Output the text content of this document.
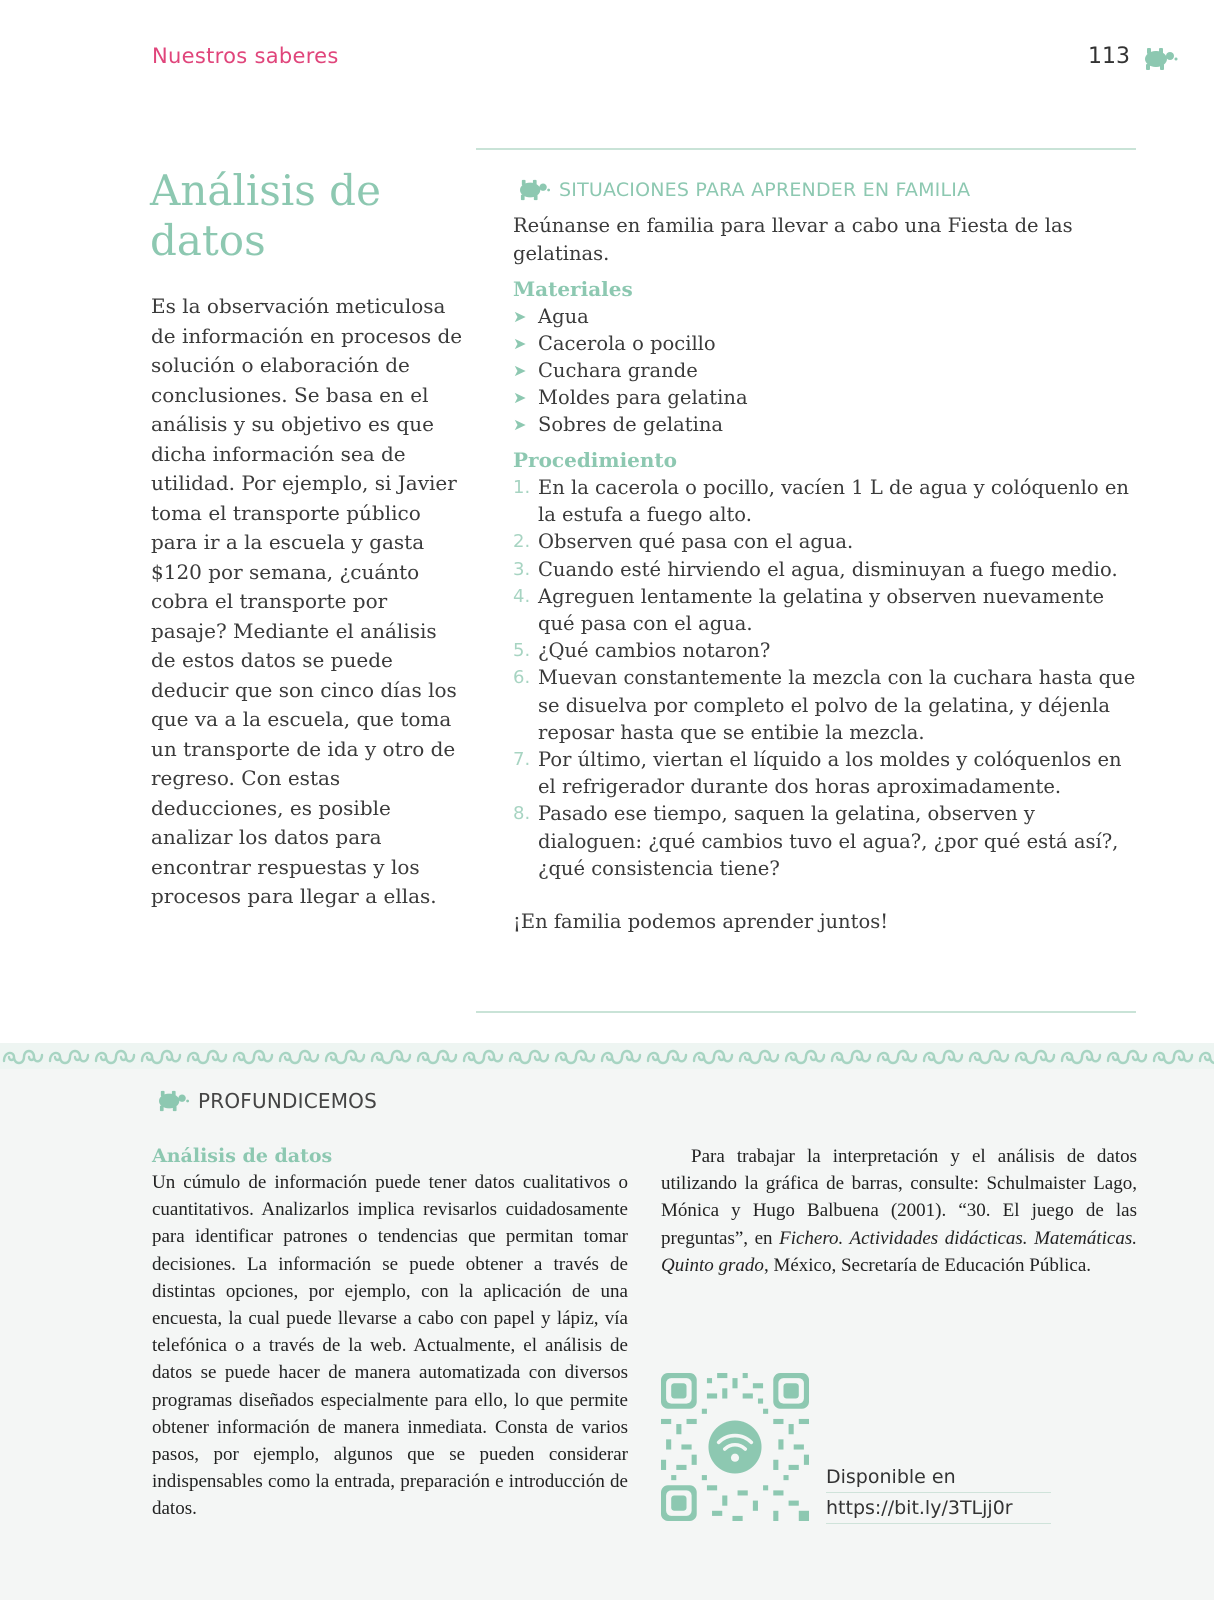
Nuestros saberes	113
Análisis de
datos

Es la observación meticulosa de información en procesos de solución o elaboración de conclusiones. Se basa en el análisis y su objetivo es que dicha información sea de utilidad. Por ejemplo, si Javier toma el transporte público para ir a la escuela y gasta $120 por semana, ¿cuánto cobra el transporte por pasaje? Mediante el análisis de estos datos se puede deducir que son cinco días los que va a la escuela, que toma un transporte de ida y otro de regreso. Con estas deducciones, es posible analizar los datos para encontrar respuestas y los procesos para llegar a ellas.

SITUACIONES PARA APRENDER EN FAMILIA

Reúnanse en familia para llevar a cabo una Fiesta de las gelatinas.

Materiales
➤ Agua
➤ Cacerola o pocillo
➤ Cuchara grande
➤ Moldes para gelatina
➤ Sobres de gelatina
Procedimiento
1. En la cacerola o pocillo, vacíen 1 L de agua y colóquenlo en la estufa a fuego alto.
2. Observen qué pasa con el agua.
3. Cuando esté hirviendo el agua, disminuyan a fuego medio.
4. Agreguen lentamente la gelatina y observen nuevamente qué pasa con el agua.
5. ¿Qué cambios notaron?
6. Muevan constantemente la mezcla con la cuchara hasta que se disuelva por completo el polvo de la gelatina, y déjenla reposar hasta que se entibie la mezcla.
7. Por último, viertan el líquido a los moldes y colóquenlos en el refrigerador durante dos horas aproximadamente.
8. Pasado ese tiempo, saquen la gelatina, observen y dialoguen: ¿qué cambios tuvo el agua?, ¿por qué está así?, ¿qué consistencia tiene?

¡En familia podemos aprender juntos!

PROFUNDICEMOS
Análisis de datos

Un cúmulo de información puede tener datos cualitativos o cuantitativos. Analizarlos implica revisarlos cuidadosamente para identificar patrones o tendencias que permitan tomar decisiones. La información se puede obtener a través de distintas opciones, por ejemplo, con la aplicación de una encuesta, la cual puede llevarse a cabo con papel y lápiz, vía telefónica o a través de la web. Actualmente, el análisis de datos se puede hacer de manera automatizada con diversos programas diseñados especialmente para ello, lo que permite obtener información de manera inmediata. Consta de varios pasos, por ejemplo, algunos que se pueden considerar indispensables como la entrada, preparación e introducción de datos.

Para trabajar la interpretación y el análisis de datos utilizando la gráfica de barras, consulte: Schulmaister Lago, Mónica y Hugo Balbuena (2001). “30. El juego de las preguntas”, en Fichero. Actividades didácticas. Matemáticas. Quinto grado, México, Secretaría de Educación Pública.

Disponible en
https://bit.ly/3TLjj0r
